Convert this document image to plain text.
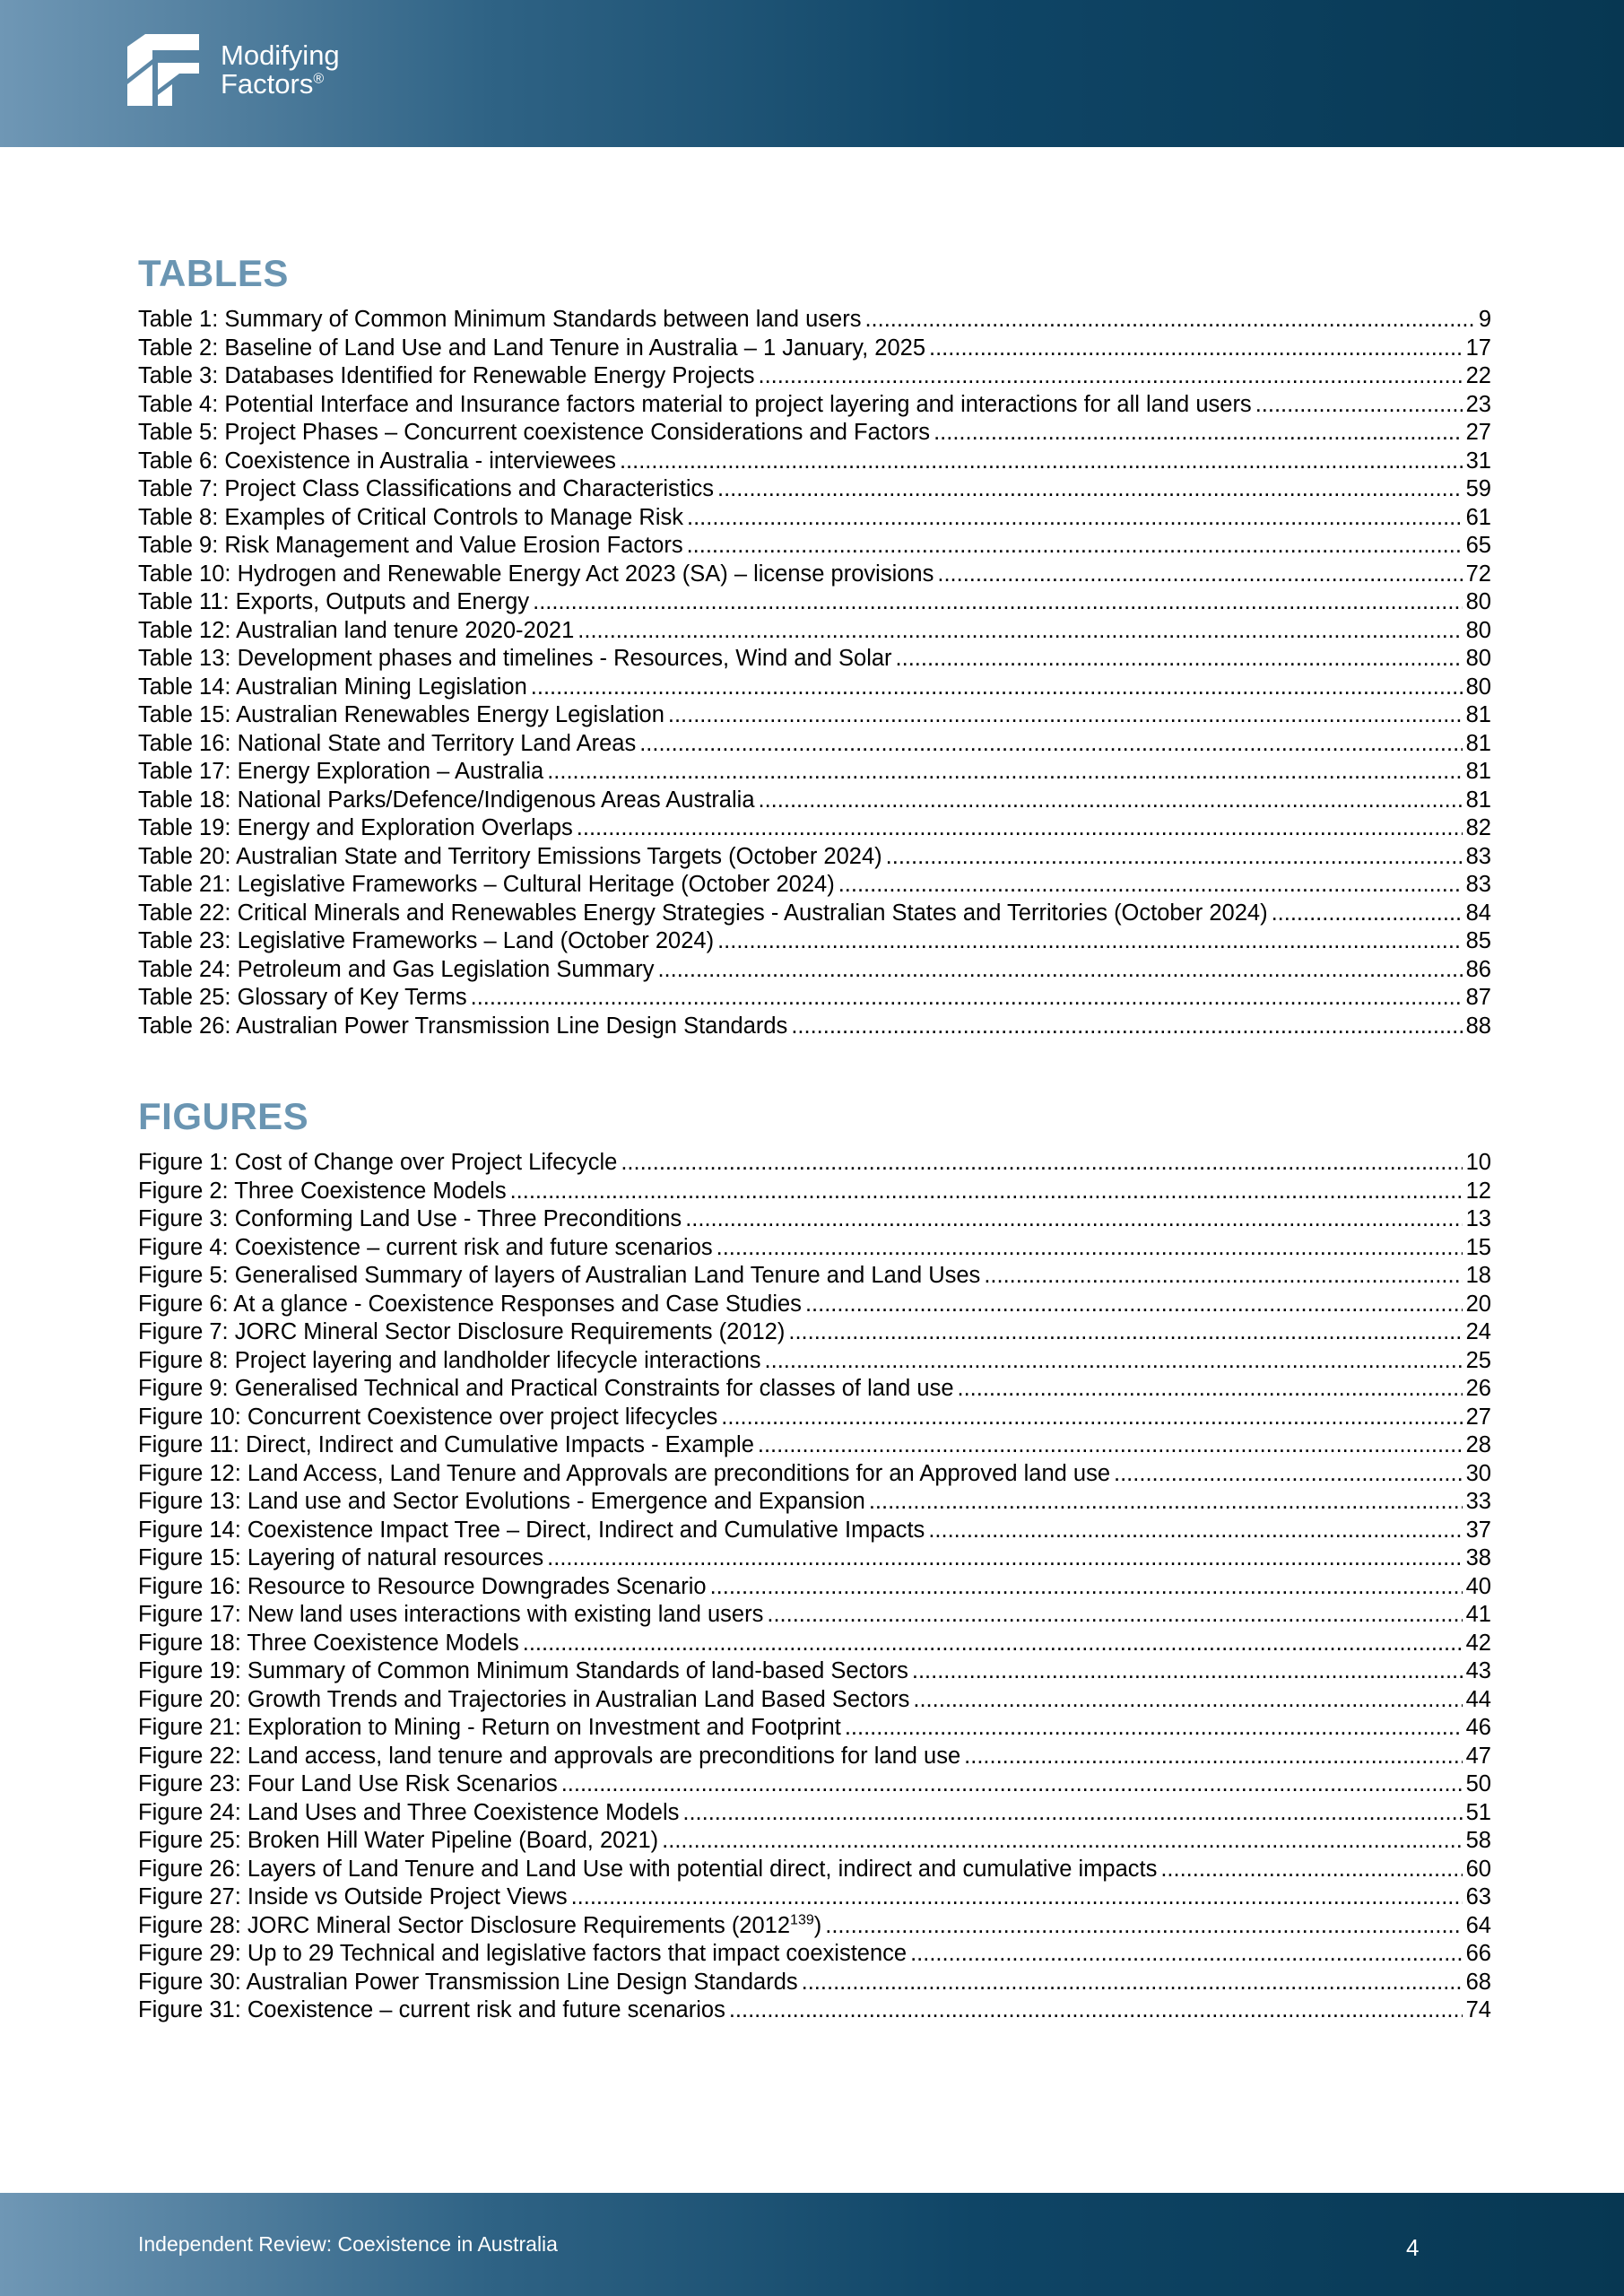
Modifying
Factors®
TABLES
Table 1: Summary of Common Minimum Standards between land users .....	9
Table 2: Baseline of Land Use and Land Tenure in Australia – 1 January, 2025 .....	17
Table 3: Databases Identified for Renewable Energy Projects .....	22
Table 4: Potential Interface and Insurance factors material to project layering and interactions for all land users .....	23
Table 5: Project Phases – Concurrent coexistence Considerations and Factors .....	27
Table 6: Coexistence in Australia - interviewees .....	31
Table 7: Project Class Classifications and Characteristics .....	59
Table 8: Examples of Critical Controls to Manage Risk .....	61
Table 9: Risk Management and Value Erosion Factors .....	65
Table 10: Hydrogen and Renewable Energy Act 2023 (SA) – license provisions .....	72
Table 11: Exports, Outputs and Energy .....	80
Table 12: Australian land tenure 2020-2021 .....	80
Table 13: Development phases and timelines - Resources, Wind and Solar .....	80
Table 14: Australian Mining Legislation .....	80
Table 15: Australian Renewables Energy Legislation .....	81
Table 16: National State and Territory Land Areas .....	81
Table 17: Energy Exploration – Australia .....	81
Table 18: National Parks/Defence/Indigenous Areas Australia .....	81
Table 19: Energy and Exploration Overlaps .....	82
Table 20: Australian State and Territory Emissions Targets (October 2024) .....	83
Table 21: Legislative Frameworks – Cultural Heritage (October 2024) .....	83
Table 22: Critical Minerals and Renewables Energy Strategies - Australian States and Territories (October 2024) .....	84
Table 23: Legislative Frameworks – Land (October 2024) .....	85
Table 24: Petroleum and Gas Legislation Summary .....	86
Table 25: Glossary of Key Terms .....	87
Table 26: Australian Power Transmission Line Design Standards .....	88
FIGURES
Figure 1: Cost of Change over Project Lifecycle .....	10
Figure 2: Three Coexistence Models .....	12
Figure 3: Conforming Land Use - Three Preconditions .....	13
Figure 4: Coexistence – current risk and future scenarios .....	15
Figure 5: Generalised Summary of layers of Australian Land Tenure and Land Uses .....	18
Figure 6: At a glance - Coexistence Responses and Case Studies .....	20
Figure 7: JORC Mineral Sector Disclosure Requirements (2012) .....	24
Figure 8: Project layering and landholder lifecycle interactions .....	25
Figure 9: Generalised Technical and Practical Constraints for classes of land use .....	26
Figure 10: Concurrent Coexistence over project lifecycles .....	27
Figure 11: Direct, Indirect and Cumulative Impacts - Example .....	28
Figure 12: Land Access, Land Tenure and Approvals are preconditions for an Approved land use .....	30
Figure 13: Land use and Sector Evolutions - Emergence and Expansion .....	33
Figure 14: Coexistence Impact Tree – Direct, Indirect and Cumulative Impacts .....	37
Figure 15: Layering of natural resources .....	38
Figure 16: Resource to Resource Downgrades Scenario .....	40
Figure 17: New land uses interactions with existing land users .....	41
Figure 18: Three Coexistence Models .....	42
Figure 19: Summary of Common Minimum Standards of land-based Sectors .....	43
Figure 20: Growth Trends and Trajectories in Australian Land Based Sectors .....	44
Figure 21: Exploration to Mining - Return on Investment and Footprint .....	46
Figure 22: Land access, land tenure and approvals are preconditions for land use .....	47
Figure 23: Four Land Use Risk Scenarios .....	50
Figure 24: Land Uses and Three Coexistence Models .....	51
Figure 25: Broken Hill Water Pipeline (Board, 2021) .....	58
Figure 26: Layers of Land Tenure and Land Use with potential direct, indirect and cumulative impacts .....	60
Figure 27: Inside vs Outside Project Views .....	63
Figure 28: JORC Mineral Sector Disclosure Requirements (2012$^{139}$) .....	64
Figure 29: Up to 29 Technical and legislative factors that impact coexistence .....	66
Figure 30: Australian Power Transmission Line Design Standards .....	68
Figure 31: Coexistence – current risk and future scenarios .....	74
Independent Review: Coexistence in Australia	4
